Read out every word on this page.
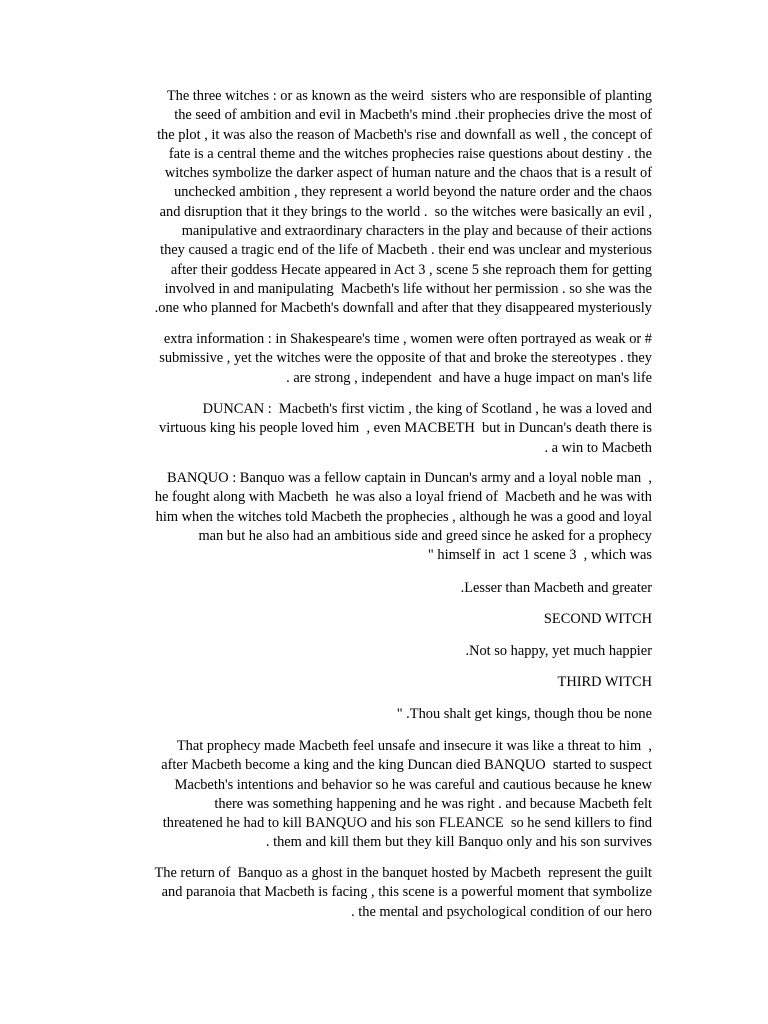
The three witches : or as known as the weird  sisters who are responsible of planting
the seed of ambition and evil in Macbeth's mind .their prophecies drive the most of
the plot , it was also the reason of Macbeth's rise and downfall as well , the concept of
fate is a central theme and the witches prophecies raise questions about destiny . the
witches symbolize the darker aspect of human nature and the chaos that is a result of
unchecked ambition , they represent a world beyond the nature order and the chaos
and disruption that it they brings to the world .  so the witches were basically an evil ,
manipulative and extraordinary characters in the play and because of their actions
they caused a tragic end of the life of Macbeth . their end was unclear and mysterious
after their goddess Hecate appeared in Act 3 , scene 5 she reproach them for getting
involved in and manipulating  Macbeth's life without her permission . so she was the
.one who planned for Macbeth's downfall and after that they disappeared mysteriously
extra information : in Shakespeare's time , women were often portrayed as weak or #
submissive , yet the witches were the opposite of that and broke the stereotypes . they
. are strong , independent  and have a huge impact on man's life
DUNCAN :  Macbeth's first victim , the king of Scotland , he was a loved and
virtuous king his people loved him  , even MACBETH  but in Duncan's death there is
. a win to Macbeth
BANQUO : Banquo was a fellow captain in Duncan's army and a loyal noble man  ,
he fought along with Macbeth  he was also a loyal friend of  Macbeth and he was with
him when the witches told Macbeth the prophecies , although he was a good and loyal
man but he also had an ambitious side and greed since he asked for a prophecy
" himself in  act 1 scene 3  , which was
.Lesser than Macbeth and greater
SECOND WITCH
.Not so happy, yet much happier
THIRD WITCH
" .Thou shalt get kings, though thou be none
That prophecy made Macbeth feel unsafe and insecure it was like a threat to him  ,
after Macbeth become a king and the king Duncan died BANQUO  started to suspect
Macbeth's intentions and behavior so he was careful and cautious because he knew
there was something happening and he was right . and because Macbeth felt
threatened he had to kill BANQUO and his son FLEANCE  so he send killers to find
. them and kill them but they kill Banquo only and his son survives
The return of  Banquo as a ghost in the banquet hosted by Macbeth  represent the guilt
and paranoia that Macbeth is facing , this scene is a powerful moment that symbolize
. the mental and psychological condition of our hero
